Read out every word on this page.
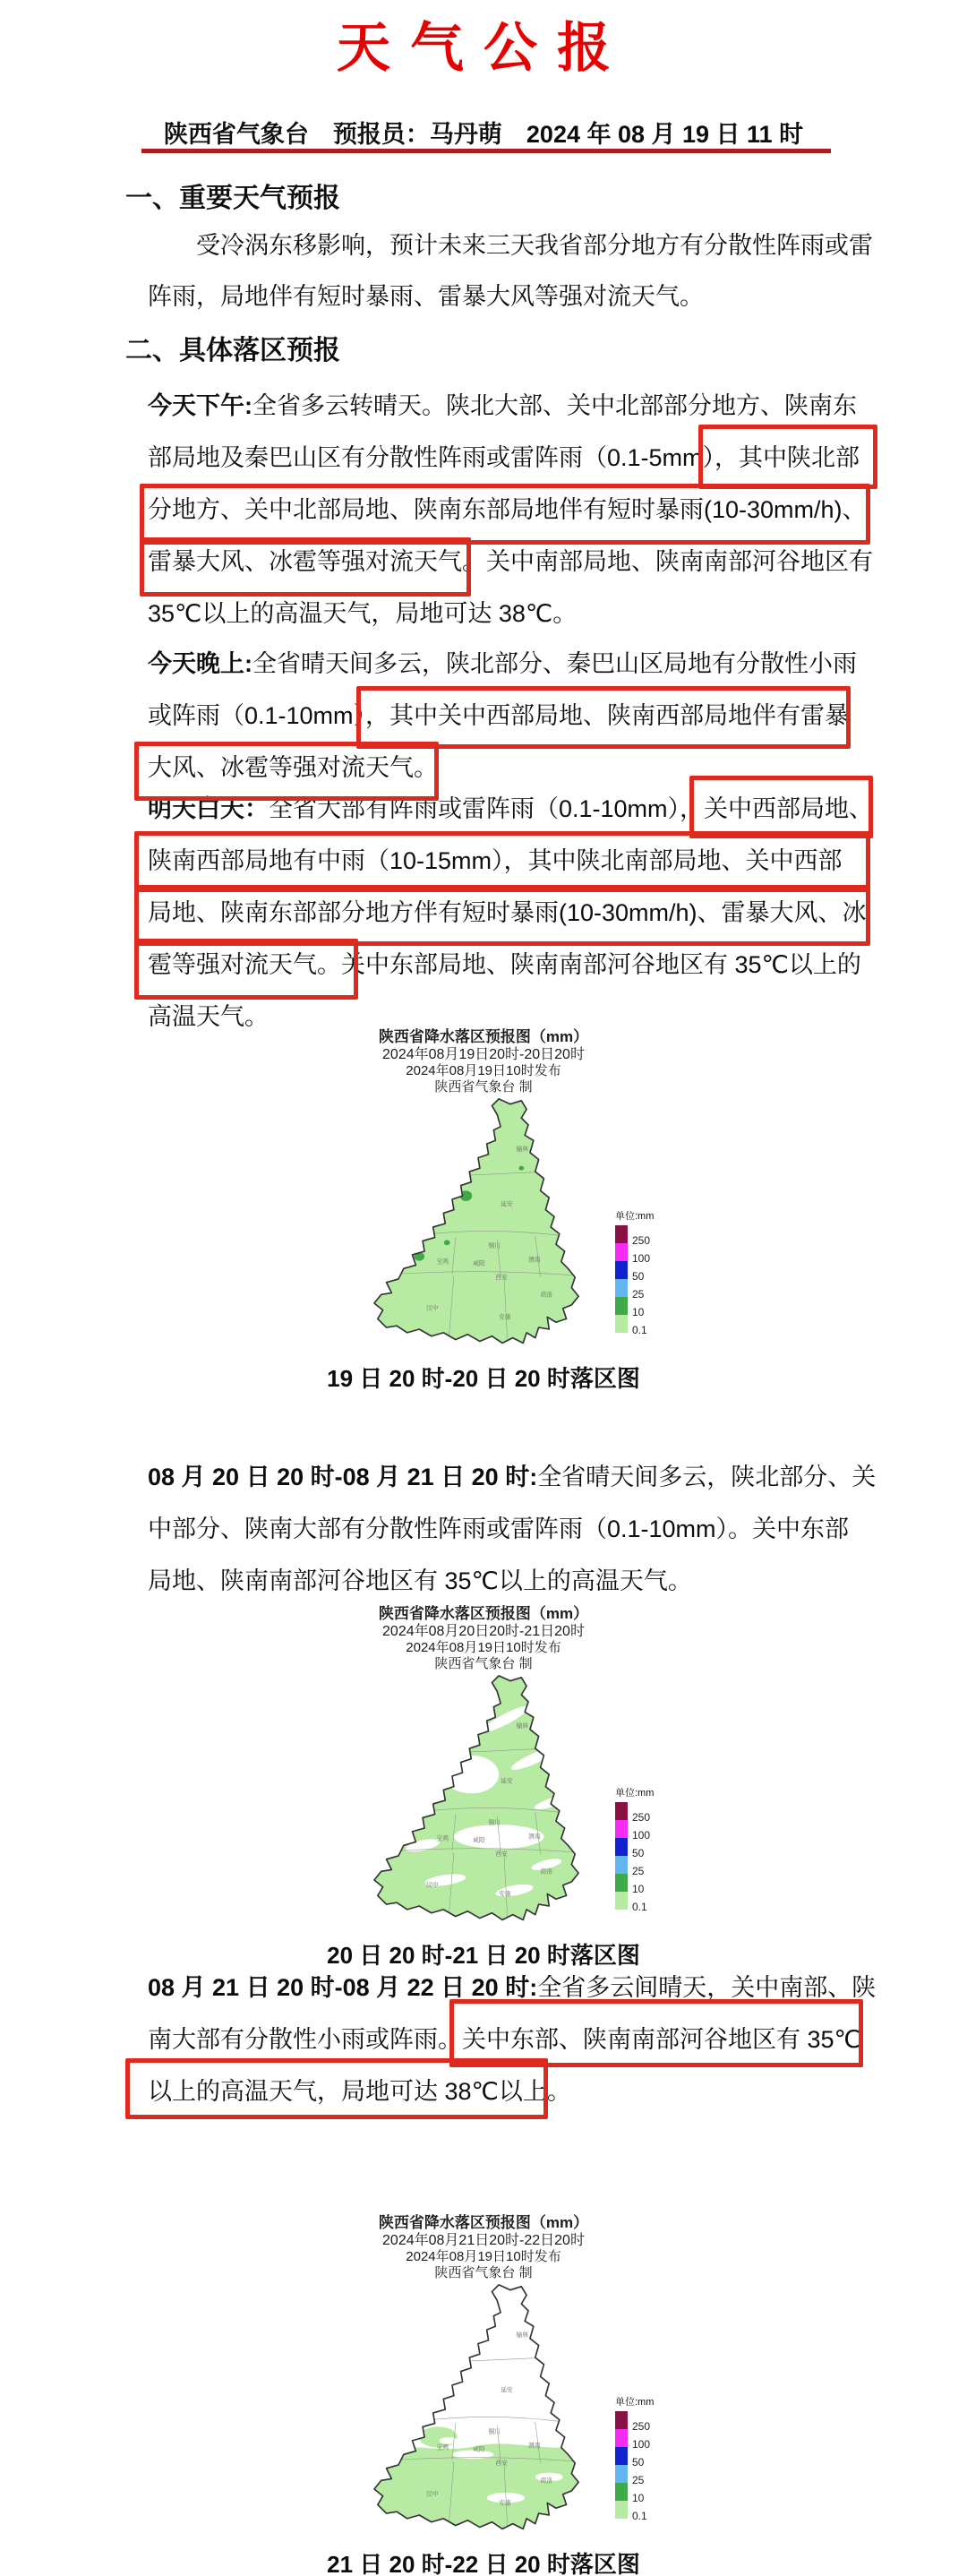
天气公报
陕西省气象台　预报员：马丹萌　2024 年 08 月 19 日 11 时
一、重要天气预报
受冷涡东移影响，预计未来三天我省部分地方有分散性阵雨或雷
阵雨，局地伴有短时暴雨、雷暴大风等强对流天气。
二、具体落区预报
今天下午:全省多云转晴天。陕北大部、关中北部部分地方、陕南东
部局地及秦巴山区有分散性阵雨或雷阵雨（0.1-5mm），其中陕北部
分地方、关中北部局地、陕南东部局地伴有短时暴雨(10-30mm/h)、
雷暴大风、冰雹等强对流天气。关中南部局地、陕南南部河谷地区有
35℃以上的高温天气，局地可达 38℃。
今天晚上:全省晴天间多云，陕北部分、秦巴山区局地有分散性小雨
或阵雨（0.1-10mm），其中关中西部局地、陕南西部局地伴有雷暴
大风、冰雹等强对流天气。
明天白天：全省大部有阵雨或雷阵雨（0.1-10mm），关中西部局地、
陕南西部局地有中雨（10-15mm），其中陕北南部局地、关中西部
局地、陕南东部部分地方伴有短时暴雨(10-30mm/h)、雷暴大风、冰
雹等强对流天气。关中东部局地、陕南南部河谷地区有 35℃以上的
高温天气。
08 月 20 日 20 时-08 月 21 日 20 时:全省晴天间多云，陕北部分、关
中部分、陕南大部有分散性阵雨或雷阵雨（0.1-10mm）。关中东部
局地、陕南南部河谷地区有 35℃以上的高温天气。
08 月 21 日 20 时-08 月 22 日 20 时:全省多云间晴天，关中南部、陕
南大部有分散性小雨或阵雨。关中东部、陕南南部河谷地区有 35℃
以上的高温天气，局地可达 38℃以上。
陕西省降水落区预报图（mm）
2024年08月19日20时-20日20时
2024年08月19日10时发布
陕西省气象台 制
榆林
延安
铜川
咸阳
渭南
西安
宝鸡
汉中
安康
商洛
单位:mm
250
100
50
25
10
0.1
19 日 20 时-20 日 20 时落区图
陕西省降水落区预报图（mm）
2024年08月20日20时-21日20时
2024年08月19日10时发布
陕西省气象台 制
榆林
延安
铜川
咸阳
渭南
西安
宝鸡
汉中
安康
商洛
单位:mm
250
100
50
25
10
0.1
20 日 20 时-21 日 20 时落区图
陕西省降水落区预报图（mm）
2024年08月21日20时-22日20时
2024年08月19日10时发布
陕西省气象台 制
榆林
延安
铜川
咸阳
渭南
西安
宝鸡
汉中
安康
商洛
单位:mm
250
100
50
25
10
0.1
21 日 20 时-22 日 20 时落区图
